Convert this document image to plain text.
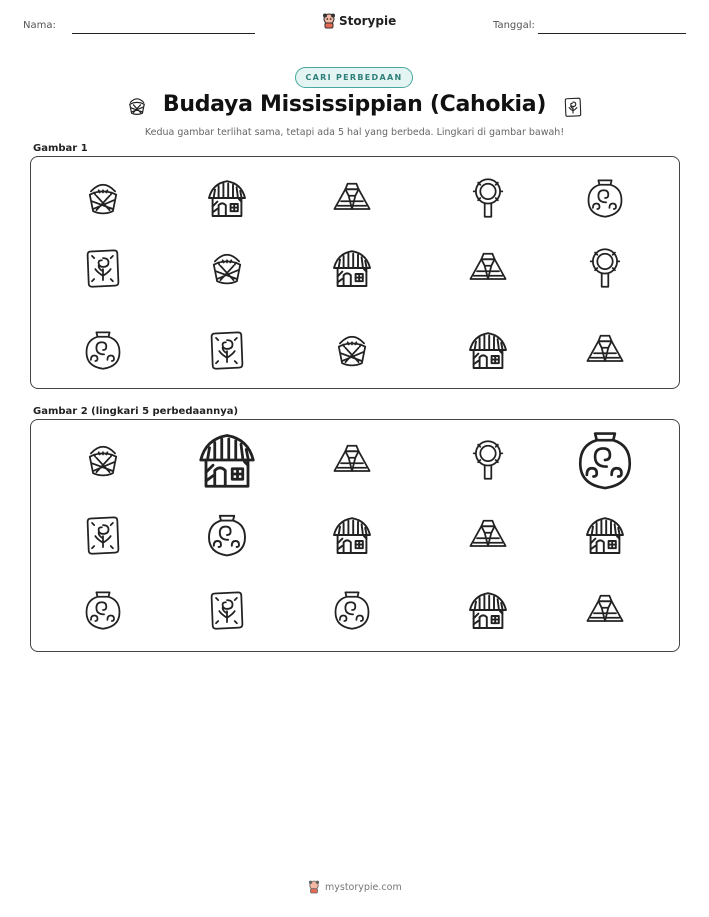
Nama:	Storypie	Tanggal:
CARI PERBEDAAN
Budaya Mississippian (Cahokia)
Kedua gambar terlihat sama, tetapi ada 5 hal yang berbeda. Lingkari di gambar bawah!
Gambar 1
Gambar 2 (lingkari 5 perbedaannya)
mystorypie.com
